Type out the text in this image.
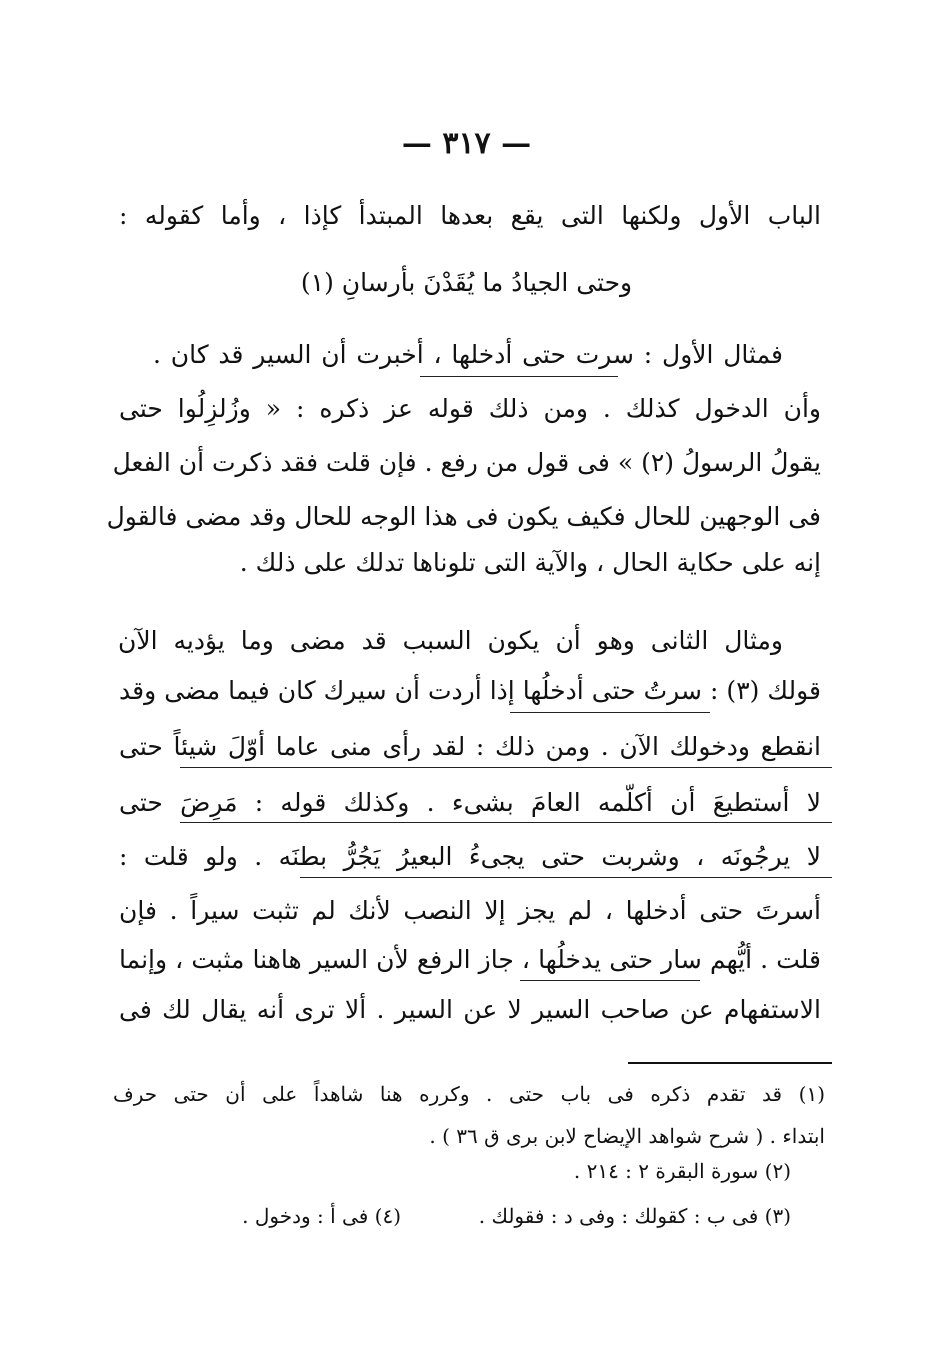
— ٣١٧ —
الباب الأول ولكنها التى يقع بعدها المبتدأ كإذا ، وأما كقوله :
وحتى الجيادُ ما يُقَدْنَ بأرسانِ (١)
فمثال الأول : سرت حتى أدخلها ، أخبرت أن السير قد كان .
وأن الدخول كذلك . ومن ذلك قوله عز ذكره : « وزُلزِلُوا حتى
يقولُ الرسولُ (٢) » فى قول من رفع . فإن قلت فقد ذكرت أن الفعل
فى الوجهين للحال فكيف يكون فى هذا الوجه للحال وقد مضى فالقول
إنه على حكاية الحال ، والآية التى تلوناها تدلك على ذلك .
ومثال الثانى وهو أن يكون السبب قد مضى وما يؤديه الآن
قولك (٣) : سرتُ حتى أدخلُها إذا أردت أن سيرك كان فيما مضى وقد
انقطع ودخولك الآن . ومن ذلك : لقد رأى منى عاما أوّلَ شيئاً حتى
لا أستطيعَ أن أكلّمه العامَ بشىء . وكذلك قوله : مَرِضَ حتى
لا يرجُونَه ، وشربت حتى يجىءُ البعيرُ يَجُرُّ بطنَه . ولو قلت :
أسرتَ حتى أدخلها ، لم يجز إلا النصب لأنك لم تثبت سيراً . فإن
قلت . أيُّهم سار حتى يدخلُها ، جاز الرفع لأن السير هاهنا مثبت ، وإنما
الاستفهام عن صاحب السير لا عن السير . ألا ترى أنه يقال لك فى
(١) قد تقدم ذكره فى باب حتى . وكرره هنا شاهداً على أن حتى حرف
ابتداء . ( شرح شواهد الإيضاح لابن برى ق ٣٦ ) .
(٢) سورة البقرة ٢ : ٢١٤ .
(٣) فى ب : كقولك : وفى د : فقولك .
(٤) فى أ : ودخول .
